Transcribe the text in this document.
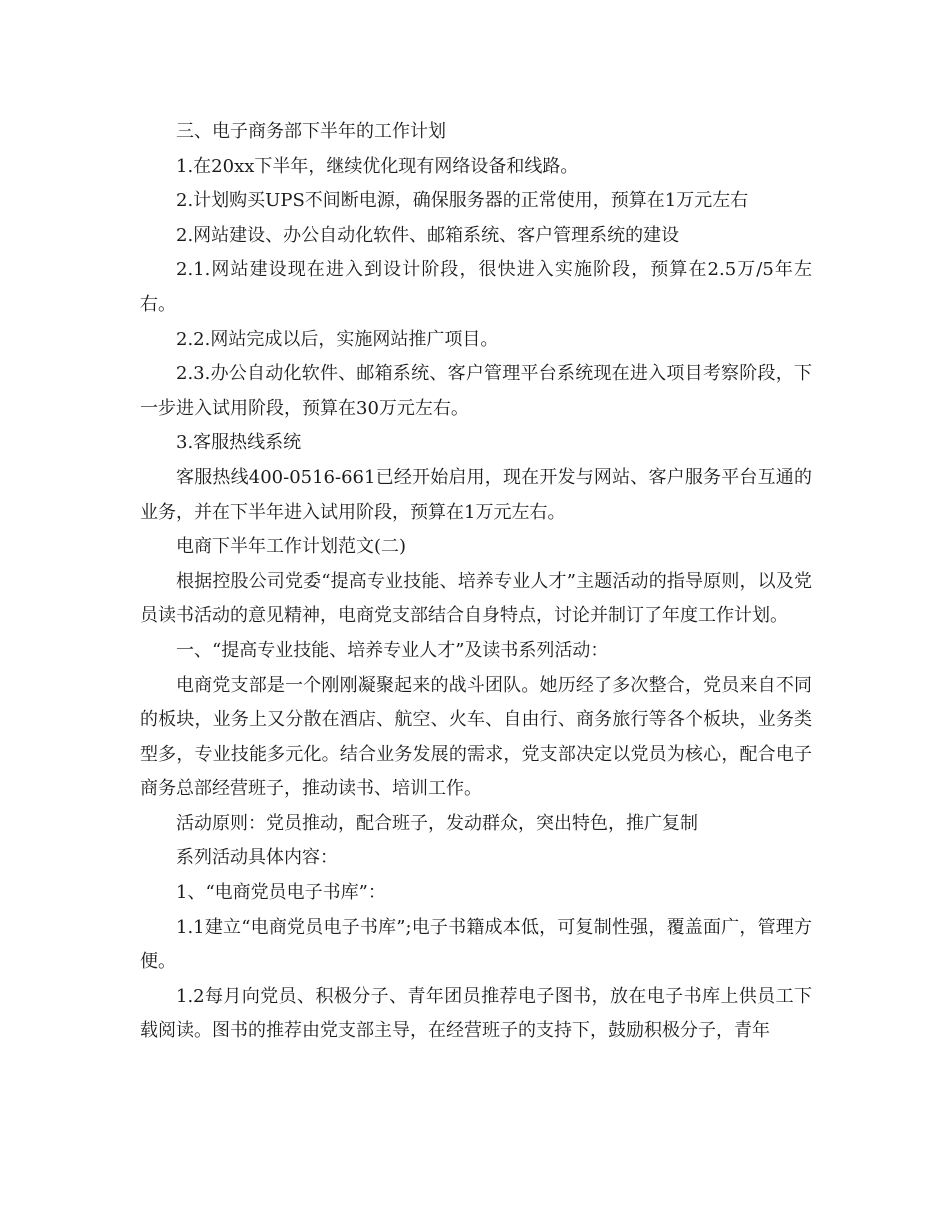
三、电子商务部下半年的工作计划

1.在20xx下半年，继续优化现有网络设备和线路。

2.计划购买UPS不间断电源，确保服务器的正常使用，预算在1万元左右

2.网站建设、办公自动化软件、邮箱系统、客户管理系统的建设

2.1.网站建设现在进入到设计阶段，很快进入实施阶段，预算在2.5万/5年左右。

2.2.网站完成以后，实施网站推广项目。

2.3.办公自动化软件、邮箱系统、客户管理平台系统现在进入项目考察阶段，下一步进入试用阶段，预算在30万元左右。

3.客服热线系统

客服热线400-0516-661已经开始启用，现在开发与网站、客户服务平台互通的业务，并在下半年进入试用阶段，预算在1万元左右。

电商下半年工作计划范文(二)

根据控股公司党委“提高专业技能、培养专业人才”主题活动的指导原则，以及党员读书活动的意见精神，电商党支部结合自身特点，讨论并制订了年度工作计划。

一、“提高专业技能、培养专业人才”及读书系列活动：

电商党支部是一个刚刚凝聚起来的战斗团队。她历经了多次整合，党员来自不同的板块，业务上又分散在酒店、航空、火车、自由行、商务旅行等各个板块，业务类型多，专业技能多元化。结合业务发展的需求，党支部决定以党员为核心，配合电子商务总部经营班子，推动读书、培训工作。

活动原则：党员推动，配合班子，发动群众，突出特色，推广复制

系列活动具体内容：

1、“电商党员电子书库”：

1.1建立“电商党员电子书库”;电子书籍成本低，可复制性强，覆盖面广，管理方便。

1.2每月向党员、积极分子、青年团员推荐电子图书，放在电子书库上供员工下载阅读。图书的推荐由党支部主导，在经营班子的支持下，鼓励积极分子，青年
